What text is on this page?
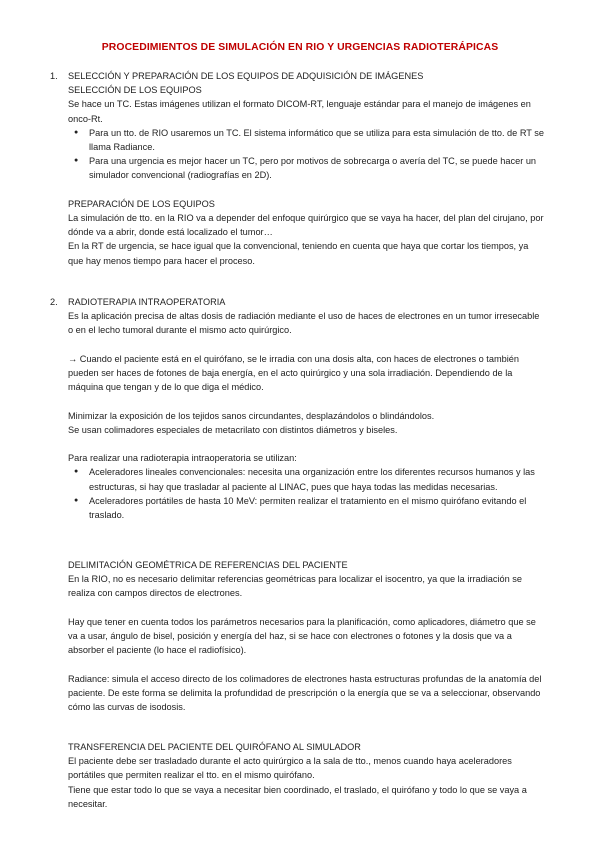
PROCEDIMIENTOS DE SIMULACIÓN EN RIO Y URGENCIAS RADIOTERÁPICAS
1. SELECCIÓN Y PREPARACIÓN DE LOS EQUIPOS DE ADQUISICIÓN DE IMÁGENES

SELECCIÓN DE LOS EQUIPOS

Se hace un TC. Estas imágenes utilizan el formato DICOM-RT, lenguaje estándar para el manejo de imágenes en onco-Rt.

● Para un tto. de RIO usaremos un TC. El sistema informático que se utiliza para esta simulación de tto. de RT se llama Radiance.
● Para una urgencia es mejor hacer un TC, pero por motivos de sobrecarga o avería del TC, se puede hacer un simulador convencional (radiografías en 2D).

PREPARACIÓN DE LOS EQUIPOS

La simulación de tto. en la RIO va a depender del enfoque quirúrgico que se vaya ha hacer, del plan del cirujano, por dónde va a abrir, donde está localizado el tumor…

En la RT de urgencia, se hace igual que la convencional, teniendo en cuenta que haya que cortar los tiempos, ya que hay menos tiempo para hacer el proceso.

2. RADIOTERAPIA INTRAOPERATORIA

Es la aplicación precisa de altas dosis de radiación mediante el uso de haces de electrones en un tumor irresecable o en el lecho tumoral durante el mismo acto quirúrgico.

→ Cuando el paciente está en el quirófano, se le irradia con una dosis alta, con haces de electrones o también pueden ser haces de fotones de baja energía, en el acto quirúrgico y una sola irradiación. Dependiendo de la máquina que tengan y de lo que diga el médico.

Minimizar la exposición de los tejidos sanos circundantes, desplazándolos o blindándolos.

Se usan colimadores especiales de metacrilato con distintos diámetros y biseles.

Para realizar una radioterapia intraoperatoria se utilizan:

● Aceleradores lineales convencionales: necesita una organización entre los diferentes recursos humanos y las estructuras, si hay que trasladar al paciente al LINAC, pues que haya todas las medidas necesarias.
● Aceleradores portátiles de hasta 10 MeV: permiten realizar el tratamiento en el mismo quirófano evitando el traslado.

DELIMITACIÓN GEOMÉTRICA DE REFERENCIAS DEL PACIENTE

En la RIO, no es necesario delimitar referencias geométricas para localizar el isocentro, ya que la irradiación se realiza con campos directos de electrones.

Hay que tener en cuenta todos los parámetros necesarios para la planificación, como aplicadores, diámetro que se va a usar, ángulo de bisel, posición y energía del haz, si se hace con electrones o fotones y la dosis que va a absorber el paciente (lo hace el radiofísico).

Radiance: simula el acceso directo de los colimadores de electrones hasta estructuras profundas de la anatomía del paciente. De este forma se delimita la profundidad de prescripción o la energía que se va a seleccionar, observando cómo las curvas de isodosis.

TRANSFERENCIA DEL PACIENTE DEL QUIRÓFANO AL SIMULADOR

El paciente debe ser trasladado durante el acto quirúrgico a la sala de tto., menos cuando haya aceleradores portátiles que permiten realizar el tto. en el mismo quirófano.

Tiene que estar todo lo que se vaya a necesitar bien coordinado, el traslado, el quirófano y todo lo que se vaya a necesitar.
